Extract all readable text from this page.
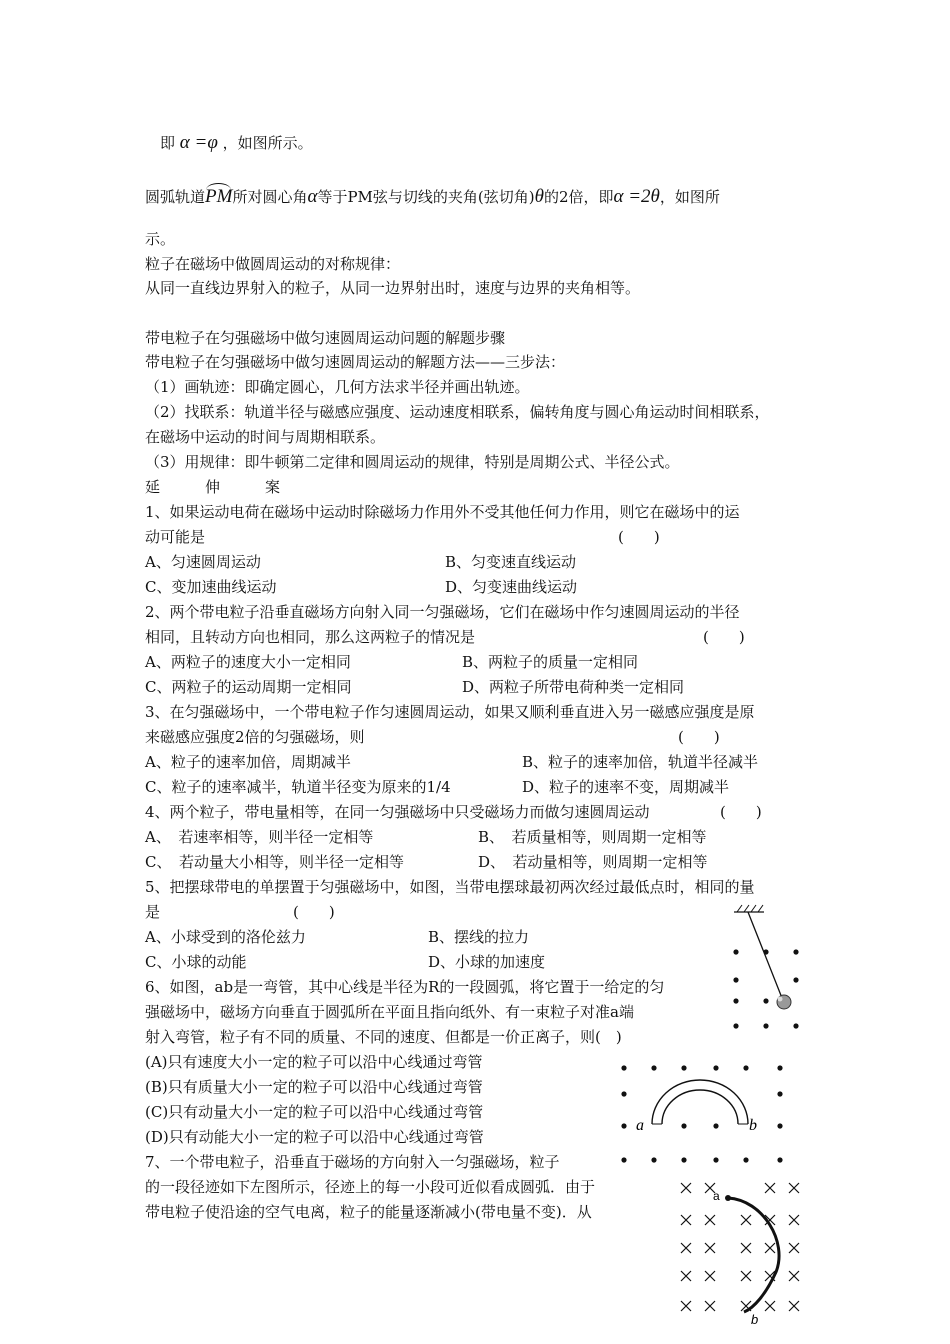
即 α =φ ，如图所示。
圆弧轨道PM所对圆心角α等于PM弦与切线的夹角(弦切角)θ的2倍，即α =2θ，如图所
示。
粒子在磁场中做圆周运动的对称规律：
从同一直线边界射入的粒子，从同一边界射出时，速度与边界的夹角相等。
带电粒子在匀强磁场中做匀速圆周运动问题的解题步骤
带电粒子在匀强磁场中做匀速圆周运动的解题方法——三步法：
（1）画轨迹：即确定圆心，几何方法求半径并画出轨迹。
（2）找联系：轨道半径与磁感应强度、运动速度相联系，偏转角度与圆心角运动时间相联系，
在磁场中运动的时间与周期相联系。
（3）用规律：即牛顿第二定律和圆周运动的规律，特别是周期公式、半径公式。
延　　　伸　　　案
1、如果运动电荷在磁场中运动时除磁场力作用外不受其他任何力作用，则它在磁场中的运
动可能是	(　　)
A、匀速圆周运动	B、匀变速直线运动
C、变加速曲线运动	D、匀变速曲线运动
2、两个带电粒子沿垂直磁场方向射入同一匀强磁场，它们在磁场中作匀速圆周运动的半径
相同，且转动方向也相同，那么这两粒子的情况是	(　　)
A、两粒子的速度大小一定相同	B、两粒子的质量一定相同
C、两粒子的运动周期一定相同	D、两粒子所带电荷种类一定相同
3、在匀强磁场中，一个带电粒子作匀速圆周运动，如果又顺利垂直进入另一磁感应强度是原
来磁感应强度2倍的匀强磁场，则	(　　)
A、粒子的速率加倍，周期减半	B、粒子的速率加倍，轨道半径减半
C、粒子的速率减半，轨道半径变为原来的1/4	D、粒子的速率不变，周期减半
4、两个粒子，带电量相等，在同一匀强磁场中只受磁场力而做匀速圆周运动	(　　)
A、　若速率相等，则半径一定相等	B、　若质量相等，则周期一定相等
C、　若动量大小相等，则半径一定相等	D、　若动量相等，则周期一定相等
5、把摆球带电的单摆置于匀强磁场中，如图，当带电摆球最初两次经过最低点时，相同的量
是	(　　)
A、小球受到的洛伦兹力	B、摆线的拉力
C、小球的动能	D、小球的加速度
6、如图，ab是一弯管，其中心线是半径为R的一段圆弧，将它置于一给定的匀
强磁场中，磁场方向垂直于圆弧所在平面且指向纸外、有一束粒子对准a端
射入弯管，粒子有不同的质量、不同的速度、但都是一价正离子，则(　)
(A)只有速度大小一定的粒子可以沿中心线通过弯管
(B)只有质量大小一定的粒子可以沿中心线通过弯管
(C)只有动量大小一定的粒子可以沿中心线通过弯管
(D)只有动能大小一定的粒子可以沿中心线通过弯管
7、一个带电粒子，沿垂直于磁场的方向射入一匀强磁场，粒子
的一段径迹如下左图所示，径迹上的每一小段可近似看成圆弧．由于
带电粒子使沿途的空气电离，粒子的能量逐渐减小(带电量不变)．从
a	b
a
b
